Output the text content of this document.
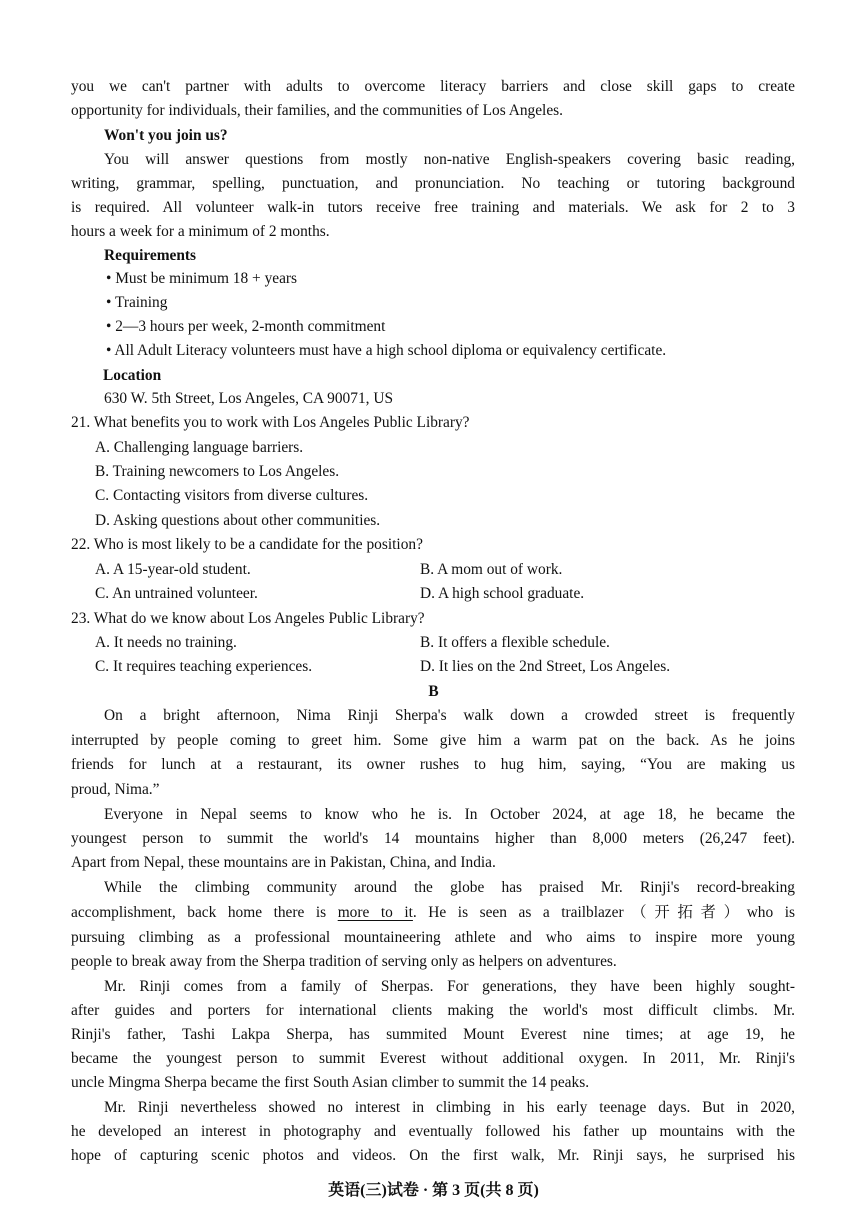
you we can't partner with adults to overcome literacy barriers and close skill gaps to create

opportunity for individuals, their families, and the communities of Los Angeles.

Won't you join us?

You will answer questions from mostly non-native English-speakers covering basic reading,

writing, grammar, spelling, punctuation, and pronunciation. No teaching or tutoring background

is required. All volunteer walk-in tutors receive free training and materials. We ask for 2 to 3

hours a week for a minimum of 2 months.

Requirements

• Must be minimum 18 + years

• Training

• 2—3 hours per week, 2-month commitment

• All Adult Literacy volunteers must have a high school diploma or equivalency certificate.

Location

630 W. 5th Street, Los Angeles, CA 90071, US

21. What benefits you to work with Los Angeles Public Library?

A. Challenging language barriers.

B. Training newcomers to Los Angeles.

C. Contacting visitors from diverse cultures.

D. Asking questions about other communities.

22. Who is most likely to be a candidate for the position?

A. A 15-year-old student.	B. A mom out of work.

C. An untrained volunteer.	D. A high school graduate.

23. What do we know about Los Angeles Public Library?

A. It needs no training.	B. It offers a flexible schedule.

C. It requires teaching experiences.	D. It lies on the 2nd Street, Los Angeles.

B

On a bright afternoon, Nima Rinji Sherpa's walk down a crowded street is frequently

interrupted by people coming to greet him. Some give him a warm pat on the back. As he joins

friends for lunch at a restaurant, its owner rushes to hug him, saying, “You are making us

proud, Nima.”

Everyone in Nepal seems to know who he is. In October 2024, at age 18, he became the

youngest person to summit the world's 14 mountains higher than 8,000 meters (26,247 feet).

Apart from Nepal, these mountains are in Pakistan, China, and India.

While the climbing community around the globe has praised Mr. Rinji's record-breaking

accomplishment, back home there is more to it. He is seen as a trailblazer（开拓者）who is

pursuing climbing as a professional mountaineering athlete and who aims to inspire more young

people to break away from the Sherpa tradition of serving only as helpers on adventures.

Mr. Rinji comes from a family of Sherpas. For generations, they have been highly sought-

after guides and porters for international clients making the world's most difficult climbs. Mr.

Rinji's father, Tashi Lakpa Sherpa, has summited Mount Everest nine times; at age 19, he

became the youngest person to summit Everest without additional oxygen. In 2011, Mr. Rinji's

uncle Mingma Sherpa became the first South Asian climber to summit the 14 peaks.

Mr. Rinji nevertheless showed no interest in climbing in his early teenage days. But in 2020,

he developed an interest in photography and eventually followed his father up mountains with the

hope of capturing scenic photos and videos. On the first walk, Mr. Rinji says, he surprised his

英语(三)试卷 · 第 3 页(共 8 页)
